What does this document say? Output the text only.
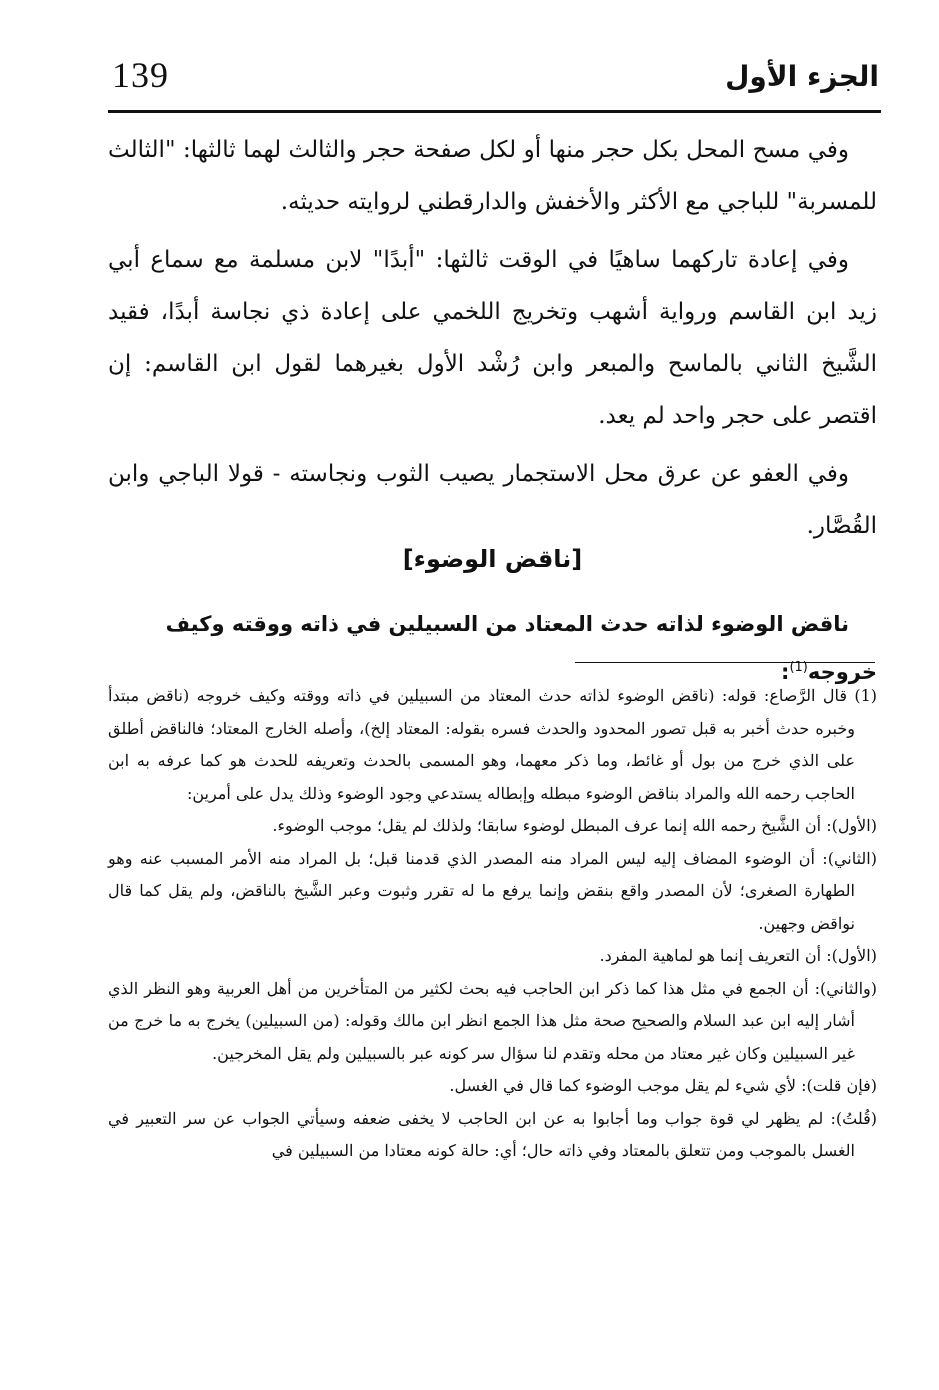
139	الجزء الأول

وفي مسح المحل بكل حجر منها أو لكل صفحة حجر والثالث لهما ثالثها: "الثالث للمسربة" للباجي مع الأكثر والأخفش والدارقطني لروايته حديثه.

وفي إعادة تاركهما ساهيًا في الوقت ثالثها: "أبدًا" لابن مسلمة مع سماع أبي زيد ابن القاسم ورواية أشهب وتخريج اللخمي على إعادة ذي نجاسة أبدًا، فقيد الشَّيخ الثاني بالماسح والمبعر وابن رُشْد الأول بغيرهما لقول ابن القاسم: إن اقتصر على حجر واحد لم يعد.

وفي العفو عن عرق محل الاستجمار يصيب الثوب ونجاسته - قولا الباجي وابن القُصَّار.

[ناقض الوضوء]
ناقض الوضوء لذاته حدث المعتاد من السبيلين في ذاته ووقته وكيف خروجه$^{(1)}$:

(1) قال الرَّصاع: قوله: (ناقض الوضوء لذاته حدث المعتاد من السبيلين في ذاته ووقته وكيف خروجه (ناقض مبتدأ وخبره حدث أخبر به قبل تصور المحدود والحدث فسره بقوله: المعتاد إلخ)، وأصله الخارج المعتاد؛ فالناقض أطلق على الذي خرج من بول أو غائط، وما ذكر معهما، وهو المسمى بالحدث وتعريفه للحدث هو كما عرفه به ابن الحاجب رحمه الله والمراد بناقض الوضوء مبطله وإبطاله يستدعي وجود الوضوء وذلك يدل على أمرين:

(الأول): أن الشَّيخ رحمه الله إنما عرف المبطل لوضوء سابقا؛ ولذلك لم يقل؛ موجب الوضوء.

(الثاني): أن الوضوء المضاف إليه ليس المراد منه المصدر الذي قدمنا قبل؛ بل المراد منه الأمر المسبب عنه وهو الطهارة الصغرى؛ لأن المصدر واقع بنقض وإنما يرفع ما له تقرر وثبوت وعبر الشَّيخ بالناقض، ولم يقل كما قال نواقض وجهين.

(الأول): أن التعريف إنما هو لماهية المفرد.

(والثاني): أن الجمع في مثل هذا كما ذكر ابن الحاجب فيه بحث لكثير من المتأخرين من أهل العربية وهو النظر الذي أشار إليه ابن عبد السلام والصحيح صحة مثل هذا الجمع انظر ابن مالك وقوله: (من السبيلين) يخرج به ما خرج من غير السبيلين وكان غير معتاد من محله وتقدم لنا سؤال سر كونه عبر بالسبيلين ولم يقل المخرجين.

(فإن قلت): لأي شيء لم يقل موجب الوضوء كما قال في الغسل.

(قُلتُ): لم يظهر لي قوة جواب وما أجابوا به عن ابن الحاجب لا يخفى ضعفه وسيأتي الجواب عن سر التعبير في الغسل بالموجب ومن تتعلق بالمعتاد وفي ذاته حال؛ أي: حالة كونه معتادا من السبيلين في
